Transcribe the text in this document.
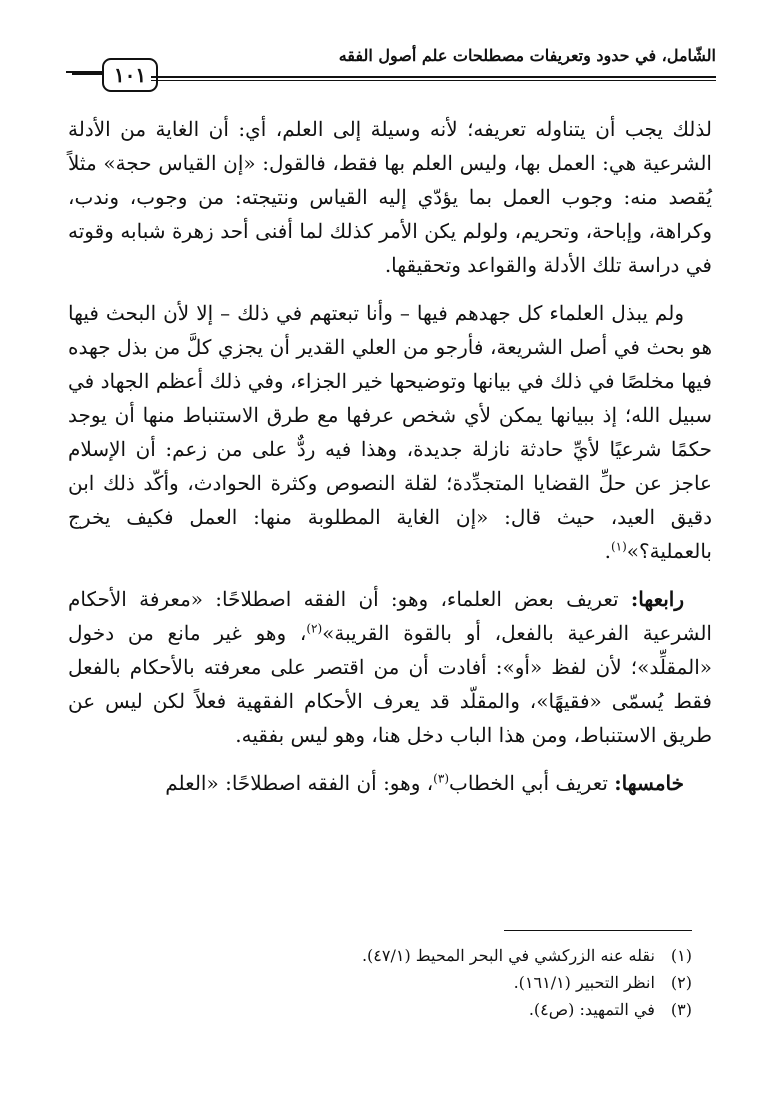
الشّامل، في حدود وتعريفات مصطلحات علم أصول الفقه
١٠١

لذلك يجب أن يتناوله تعريفه؛ لأنه وسيلة إلى العلم، أي: أن الغاية من الأدلة الشرعية هي: العمل بها، وليس العلم بها فقط، فالقول: «إن القياس حجة» مثلاً يُقصد منه: وجوب العمل بما يؤدّي إليه القياس ونتيجته: من وجوب، وندب، وكراهة، وإباحة، وتحريم، ولولم يكن الأمر كذلك لما أفنى أحد زهرة شبابه وقوته في دراسة تلك الأدلة والقواعد وتحقيقها.

ولم يبذل العلماء كل جهدهم فيها – وأنا تبعتهم في ذلك – إلا لأن البحث فيها هو بحث في أصل الشريعة، فأرجو من العلي القدير أن يجزي كلَّ من بذل جهده فيها مخلصًا في ذلك في بيانها وتوضيحها خير الجزاء، وفي ذلك أعظم الجهاد في سبيل الله؛ إذ ببيانها يمكن لأي شخص عرفها مع طرق الاستنباط منها أن يوجد حكمًا شرعيًا لأيِّ حادثة نازلة جديدة، وهذا فيه ردٌّ على من زعم: أن الإسلام عاجز عن حلِّ القضايا المتجدِّدة؛ لقلة النصوص وكثرة الحوادث، وأكّد ذلك ابن دقيق العيد، حيث قال: «إن الغاية المطلوبة منها: العمل فكيف يخرج بالعملية؟»$^{(١)}$.

رابعها: تعريف بعض العلماء، وهو: أن الفقه اصطلاحًا: «معرفة الأحكام الشرعية الفرعية بالفعل، أو بالقوة القريبة»$^{(٢)}$، وهو غير مانع من دخول «المقلِّد»؛ لأن لفظ «أو»: أفادت أن من اقتصر على معرفته بالأحكام بالفعل فقط يُسمّى «فقيهًا»، والمقلّد قد يعرف الأحكام الفقهية فعلاً لكن ليس عن طريق الاستنباط، ومن هذا الباب دخل هنا، وهو ليس بفقيه.

خامسها: تعريف أبي الخطاب$^{(٣)}$، وهو: أن الفقه اصطلاحًا: «العلم

(١) نقله عنه الزركشي في البحر المحيط (٤٧/١).
(٢) انظر التحبير (١٦١/١).
(٣) في التمهيد: (ص٤).
